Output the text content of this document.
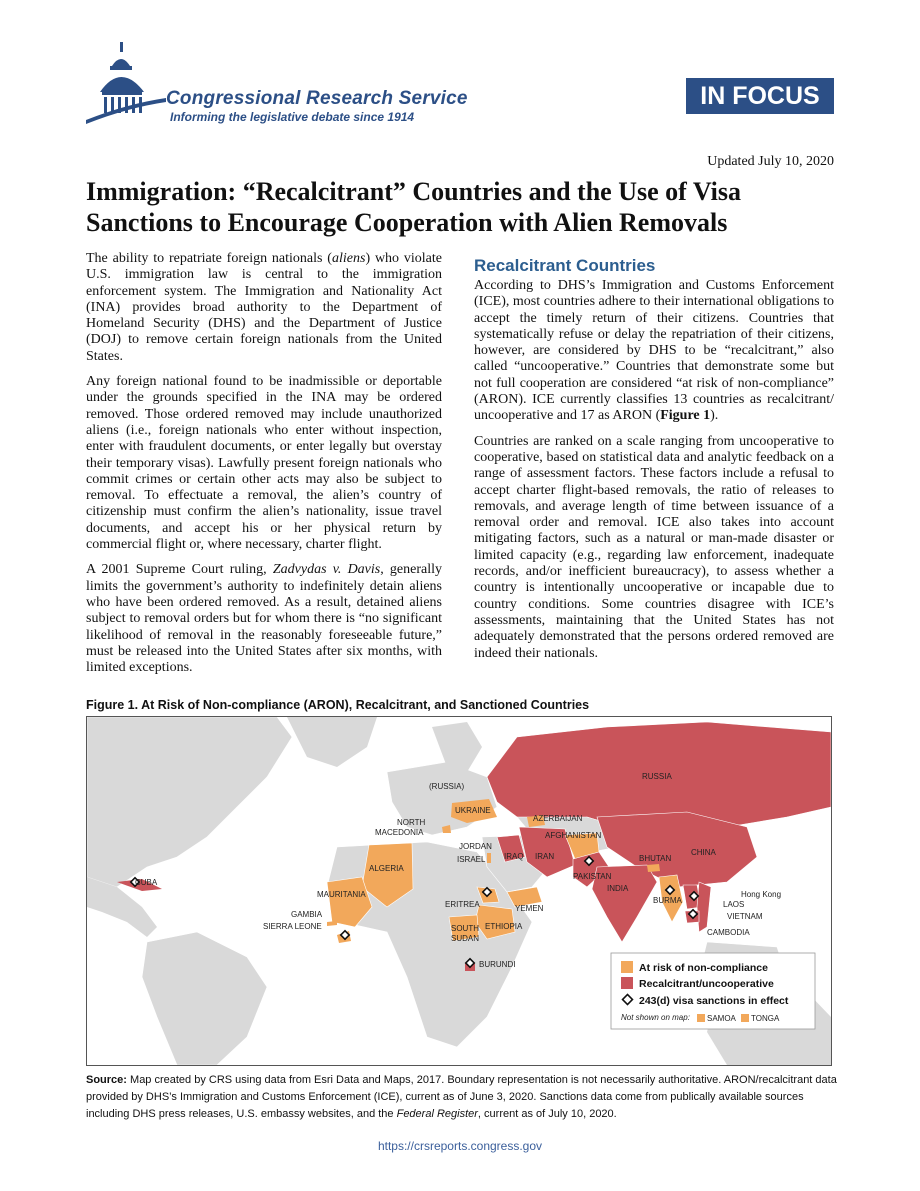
Congressional Research Service
Informing the legislative debate since 1914
IN FOCUS
Updated July 10, 2020
Immigration: “Recalcitrant” Countries and the Use of Visa Sanctions to Encourage Cooperation with Alien Removals

The ability to repatriate foreign nationals (aliens) who violate U.S. immigration law is central to the immigration enforcement system. The Immigration and Nationality Act (INA) provides broad authority to the Department of Homeland Security (DHS) and the Department of Justice (DOJ) to remove certain foreign nationals from the United States.

Any foreign national found to be inadmissible or deportable under the grounds specified in the INA may be ordered removed. Those ordered removed may include unauthorized aliens (i.e., foreign nationals who enter without inspection, enter with fraudulent documents, or enter legally but overstay their temporary visas). Lawfully present foreign nationals who commit crimes or certain other acts may also be subject to removal. To effectuate a removal, the alien’s country of citizenship must confirm the alien’s nationality, issue travel documents, and accept his or her physical return by commercial flight or, where necessary, charter flight.

A 2001 Supreme Court ruling, Zadvydas v. Davis, generally limits the government’s authority to indefinitely detain aliens who have been ordered removed. As a result, detained aliens subject to removal orders but for whom there is “no significant likelihood of removal in the reasonably foreseeable future,” must be released into the United States after six months, with limited exceptions.

Recalcitrant Countries

According to DHS’s Immigration and Customs Enforcement (ICE), most countries adhere to their international obligations to accept the timely return of their citizens. Countries that systematically refuse or delay the repatriation of their citizens, however, are considered by DHS to be “recalcitrant,” also called “uncooperative.” Countries that demonstrate some but not full cooperation are considered “at risk of non-compliance” (ARON). ICE currently classifies 13 countries as recalcitrant/ uncooperative and 17 as ARON (Figure 1).

Countries are ranked on a scale ranging from uncooperative to cooperative, based on statistical data and analytic feedback on a range of assessment factors. These factors include a refusal to accept charter flight-based removals, the ratio of releases to removals, and average length of time between issuance of a removal order and removal. ICE also takes into account mitigating factors, such as a natural or man-made disaster or limited capacity (e.g., regarding law enforcement, inadequate records, and/or inefficient bureaucracy), to assess whether a country is intentionally uncooperative or incapable due to country conditions. Some countries disagree with ICE’s assessments, maintaining that the United States has not adequately demonstrated that the persons ordered removed are indeed their nationals.

Figure 1. At Risk of Non-compliance (ARON), Recalcitrant, and Sanctioned Countries
(RUSSIA)
RUSSIA
UKRAINE
NORTH
MACEDONIA
AZERBAIJAN
AFGHANISTAN
JORDAN
ISRAEL IRAQ IRAN
PAKISTAN
BHUTAN
CHINA
INDIA
BURMA
Hong Kong
LAOS
VIETNAM
CAMBODIA
CUBA
ALGERIA
MAURITANIA
GAMBIA
SIERRA LEONE
ERITREA	YEMEN
SOUTH
SUDAN
ETHIOPIA
BURUNDI	At risk of non-compliance
Recalcitrant/uncooperative
243(d) visa sanctions in effect
Not shown on map: SAMOA TONGA
Source: Map created by CRS using data from Esri Data and Maps, 2017. Boundary representation is not necessarily authoritative. ARON/recalcitrant data provided by DHS’s Immigration and Customs Enforcement (ICE), current as of June 3, 2020. Sanctions data come from publically available sources including DHS press releases, U.S. embassy websites, and the Federal Register, current as of July 10, 2020.
https://crsreports.congress.gov
